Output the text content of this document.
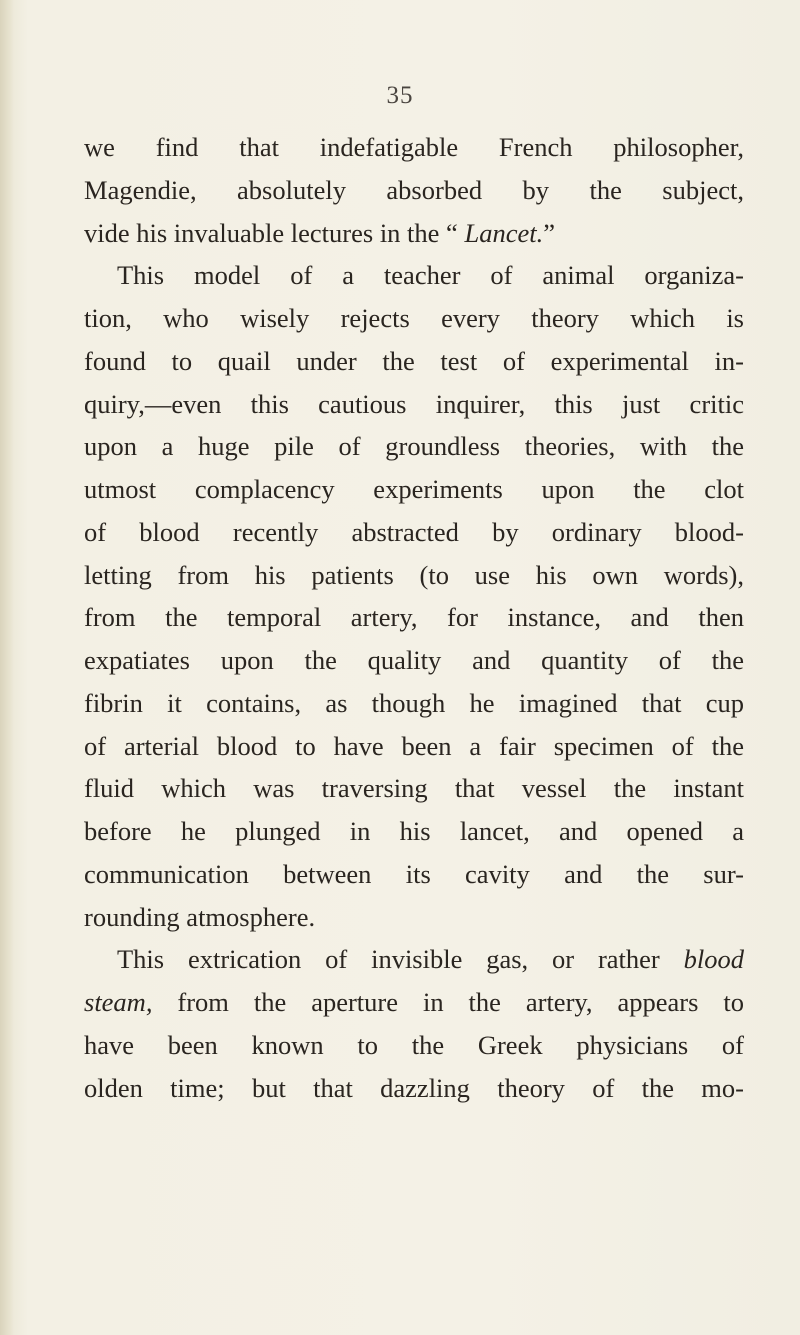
35
we find that indefatigable French philosopher,
Magendie, absolutely absorbed by the subject,
vide his invaluable lectures in the “ Lancet.”
This model of a teacher of animal organiza-
tion, who wisely rejects every theory which is
found to quail under the test of experimental in-
quiry,—even this cautious inquirer, this just critic
upon a huge pile of groundless theories, with the
utmost complacency experiments upon the clot
of blood recently abstracted by ordinary blood-
letting from his patients (to use his own words),
from the temporal artery, for instance, and then
expatiates upon the quality and quantity of the
fibrin it contains, as though he imagined that cup
of arterial blood to have been a fair specimen of the
fluid which was traversing that vessel the instant
before he plunged in his lancet, and opened a
communication between its cavity and the sur-
rounding atmosphere.
This extrication of invisible gas, or rather blood
steam, from the aperture in the artery, appears to
have been known to the Greek physicians of
olden time; but that dazzling theory of the mo-
